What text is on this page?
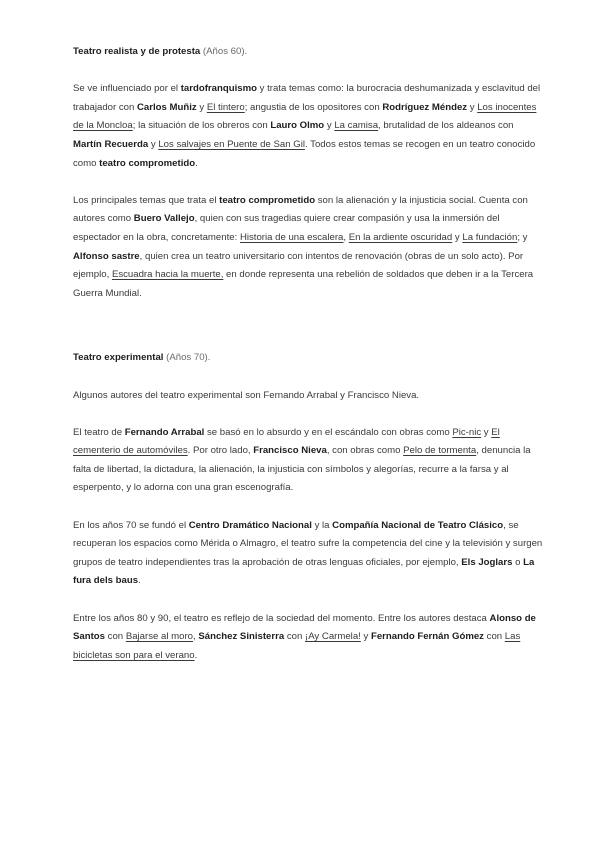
Teatro realista y de protesta (Años 60).

Se ve influenciado por el tardofranquismo y trata temas como: la burocracia deshumanizada y esclavitud del trabajador con Carlos Muñiz y El tintero; angustia de los opositores con Rodríguez Méndez y Los inocentes de la Moncloa; la situación de los obreros con Lauro Olmo y La camisa, brutalidad de los aldeanos con Martín Recuerda y Los salvajes en Puente de San Gil. Todos estos temas se recogen en un teatro conocido como teatro comprometido.

Los principales temas que trata el teatro comprometido son la alienación y la injusticia social. Cuenta con autores como Buero Vallejo, quien con sus tragedias quiere crear compasión y usa la inmersión del espectador en la obra, concretamente: Historia de una escalera, En la ardiente oscuridad y La fundación; y Alfonso sastre, quien crea un teatro universitario con intentos de renovación (obras de un solo acto). Por ejemplo, Escuadra hacia la muerte, en donde representa una rebelión de soldados que deben ir a la Tercera Guerra Mundial.

Teatro experimental (Años 70).

Algunos autores del teatro experimental son Fernando Arrabal y Francisco Nieva.

El teatro de Fernando Arrabal se basó en lo absurdo y en el escándalo con obras como Pic-nic y El cementerio de automóviles. Por otro lado, Francisco Nieva, con obras como Pelo de tormenta, denuncia la falta de libertad, la dictadura, la alienación, la injusticia con símbolos y alegorías, recurre a la farsa y al esperpento, y lo adorna con una gran escenografía.

En los años 70 se fundó el Centro Dramático Nacional y la Compañía Nacional de Teatro Clásico, se recuperan los espacios como Mérida o Almagro, el teatro sufre la competencia del cine y la televisión y surgen grupos de teatro independientes tras la aprobación de otras lenguas oficiales, por ejemplo, Els Joglars o La fura dels baus.

Entre los años 80 y 90, el teatro es reflejo de la sociedad del momento. Entre los autores destaca Alonso de Santos con Bajarse al moro, Sánchez Sinisterra con ¡Ay Carmela! y Fernando Fernán Gómez con Las bicicletas son para el verano.
